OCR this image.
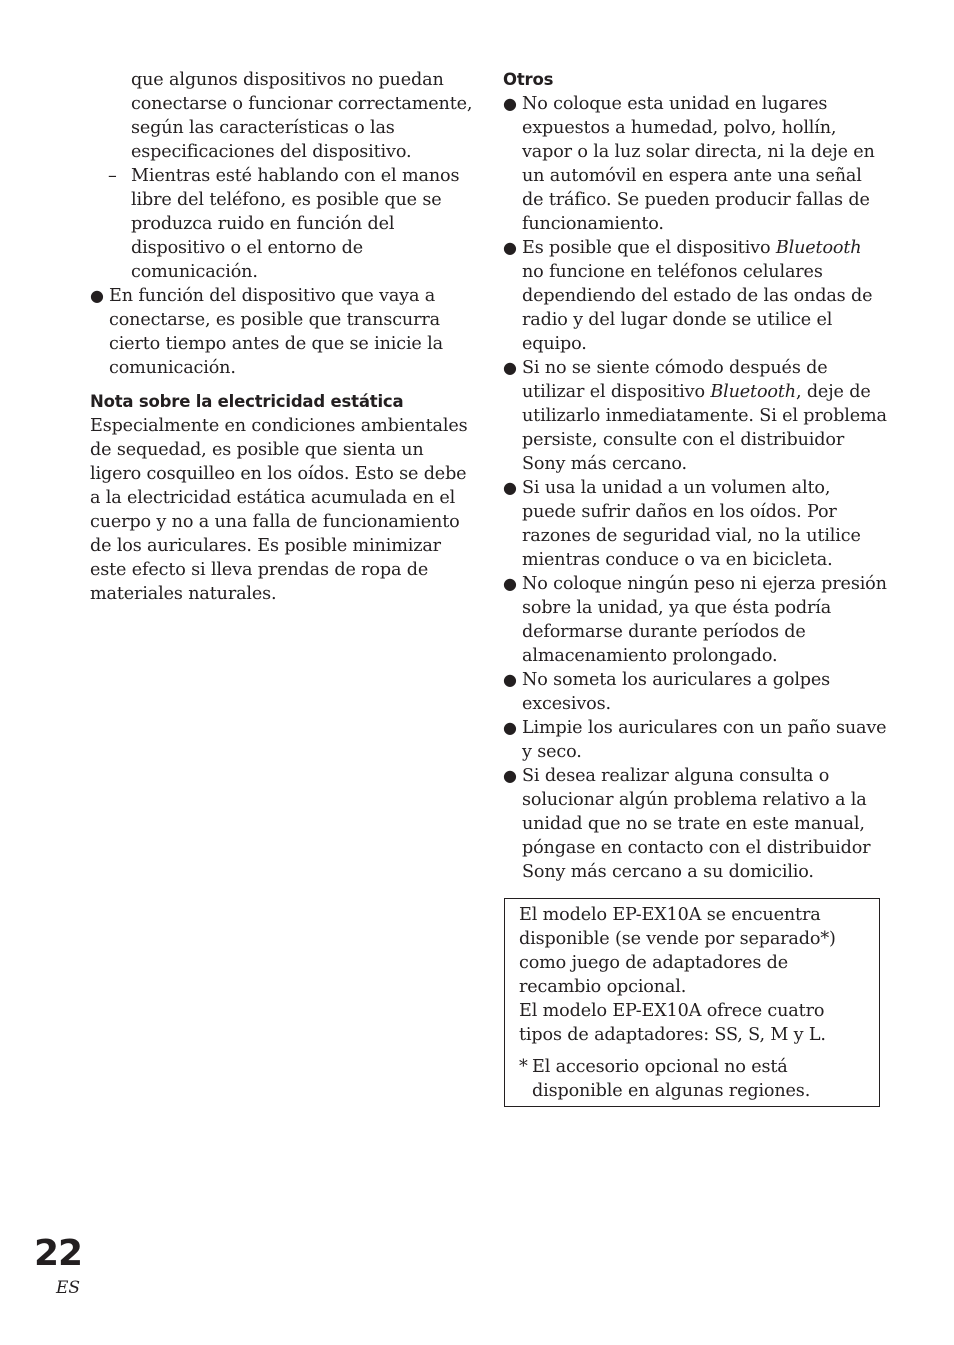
que algunos dispositivos no puedan conectarse o funcionar correctamente, según las características o las especificaciones del dispositivo.

– Mientras esté hablando con el manos libre del teléfono, es posible que se produzca ruido en función del dispositivo o el entorno de comunicación.
● En función del dispositivo que vaya a conectarse, es posible que transcurra cierto tiempo antes de que se inicie la comunicación.
Nota sobre la electricidad estática

Especialmente en condiciones ambientales de sequedad, es posible que sienta un ligero cosquilleo en los oídos. Esto se debe a la electricidad estática acumulada en el cuerpo y no a una falla de funcionamiento de los auriculares. Es posible minimizar este efecto si lleva prendas de ropa de materiales naturales.

Otros
● No coloque esta unidad en lugares expuestos a humedad, polvo, hollín, vapor o la luz solar directa, ni la deje en un automóvil en espera ante una señal de tráfico. Se pueden producir fallas de funcionamiento.
● Es posible que el dispositivo Bluetooth no funcione en teléfonos celulares dependiendo del estado de las ondas de radio y del lugar donde se utilice el equipo.
● Si no se siente cómodo después de utilizar el dispositivo Bluetooth, deje de utilizarlo inmediatamente. Si el problema persiste, consulte con el distribuidor Sony más cercano.
● Si usa la unidad a un volumen alto, puede sufrir daños en los oídos. Por razones de seguridad vial, no la utilice mientras conduce o va en bicicleta.
● No coloque ningún peso ni ejerza presión sobre la unidad, ya que ésta podría deformarse durante períodos de almacenamiento prolongado.
● No someta los auriculares a golpes excesivos.
● Limpie los auriculares con un paño suave y seco.
● Si desea realizar alguna consulta o solucionar algún problema relativo a la unidad que no se trate en este manual, póngase en contacto con el distribuidor Sony más cercano a su domicilio.

El modelo EP-EX10A se encuentra disponible (se vende por separado*) como juego de adaptadores de recambio opcional.

El modelo EP-EX10A ofrece cuatro tipos de adaptadores: SS, S, M y L.

* El accesorio opcional no está disponible en algunas regiones.

22
ES
